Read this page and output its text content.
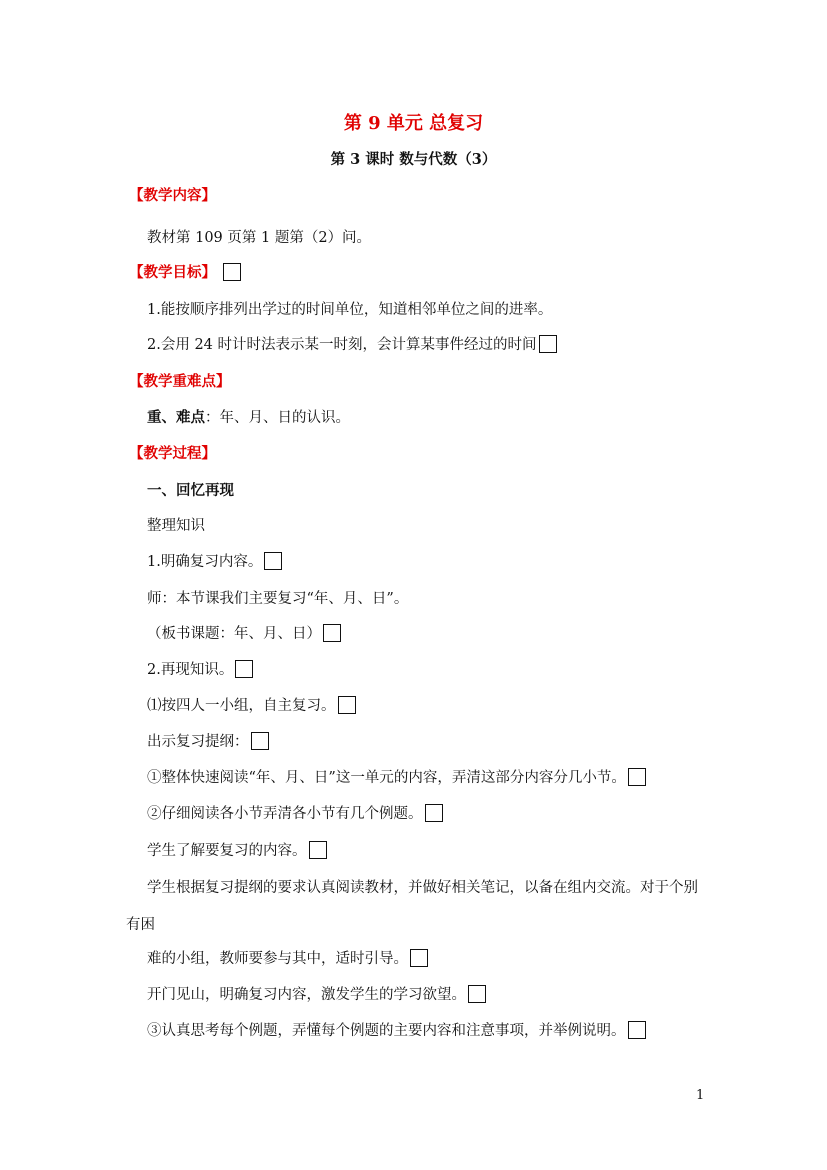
第 9 单元 总复习
第 3 课时 数与代数（3）
【教学内容】
教材第 109 页第 1 题第（2）问。
【教学目标】
1.能按顺序排列出学过的时间单位，知道相邻单位之间的进率。
2.会用 24 时计时法表示某一时刻，会计算某事件经过的时间
【教学重难点】
重、难点：年、月、日的认识。
【教学过程】
一、回忆再现
整理知识
1.明确复习内容。
师：本节课我们主要复习“年、月、日”。
（板书课题：年、月、日）
2.再现知识。
⑴按四人一小组，自主复习。
出示复习提纲：
①整体快速阅读“年、月、日”这一单元的内容，弄清这部分内容分几小节。
②仔细阅读各小节弄清各小节有几个例题。
学生了解要复习的内容。
学生根据复习提纲的要求认真阅读教材，并做好相关笔记，以备在组内交流。对于个别
有困
难的小组，教师要参与其中，适时引导。
开门见山，明确复习内容，激发学生的学习欲望。
③认真思考每个例题，弄懂每个例题的主要内容和注意事项，并举例说明。
1
